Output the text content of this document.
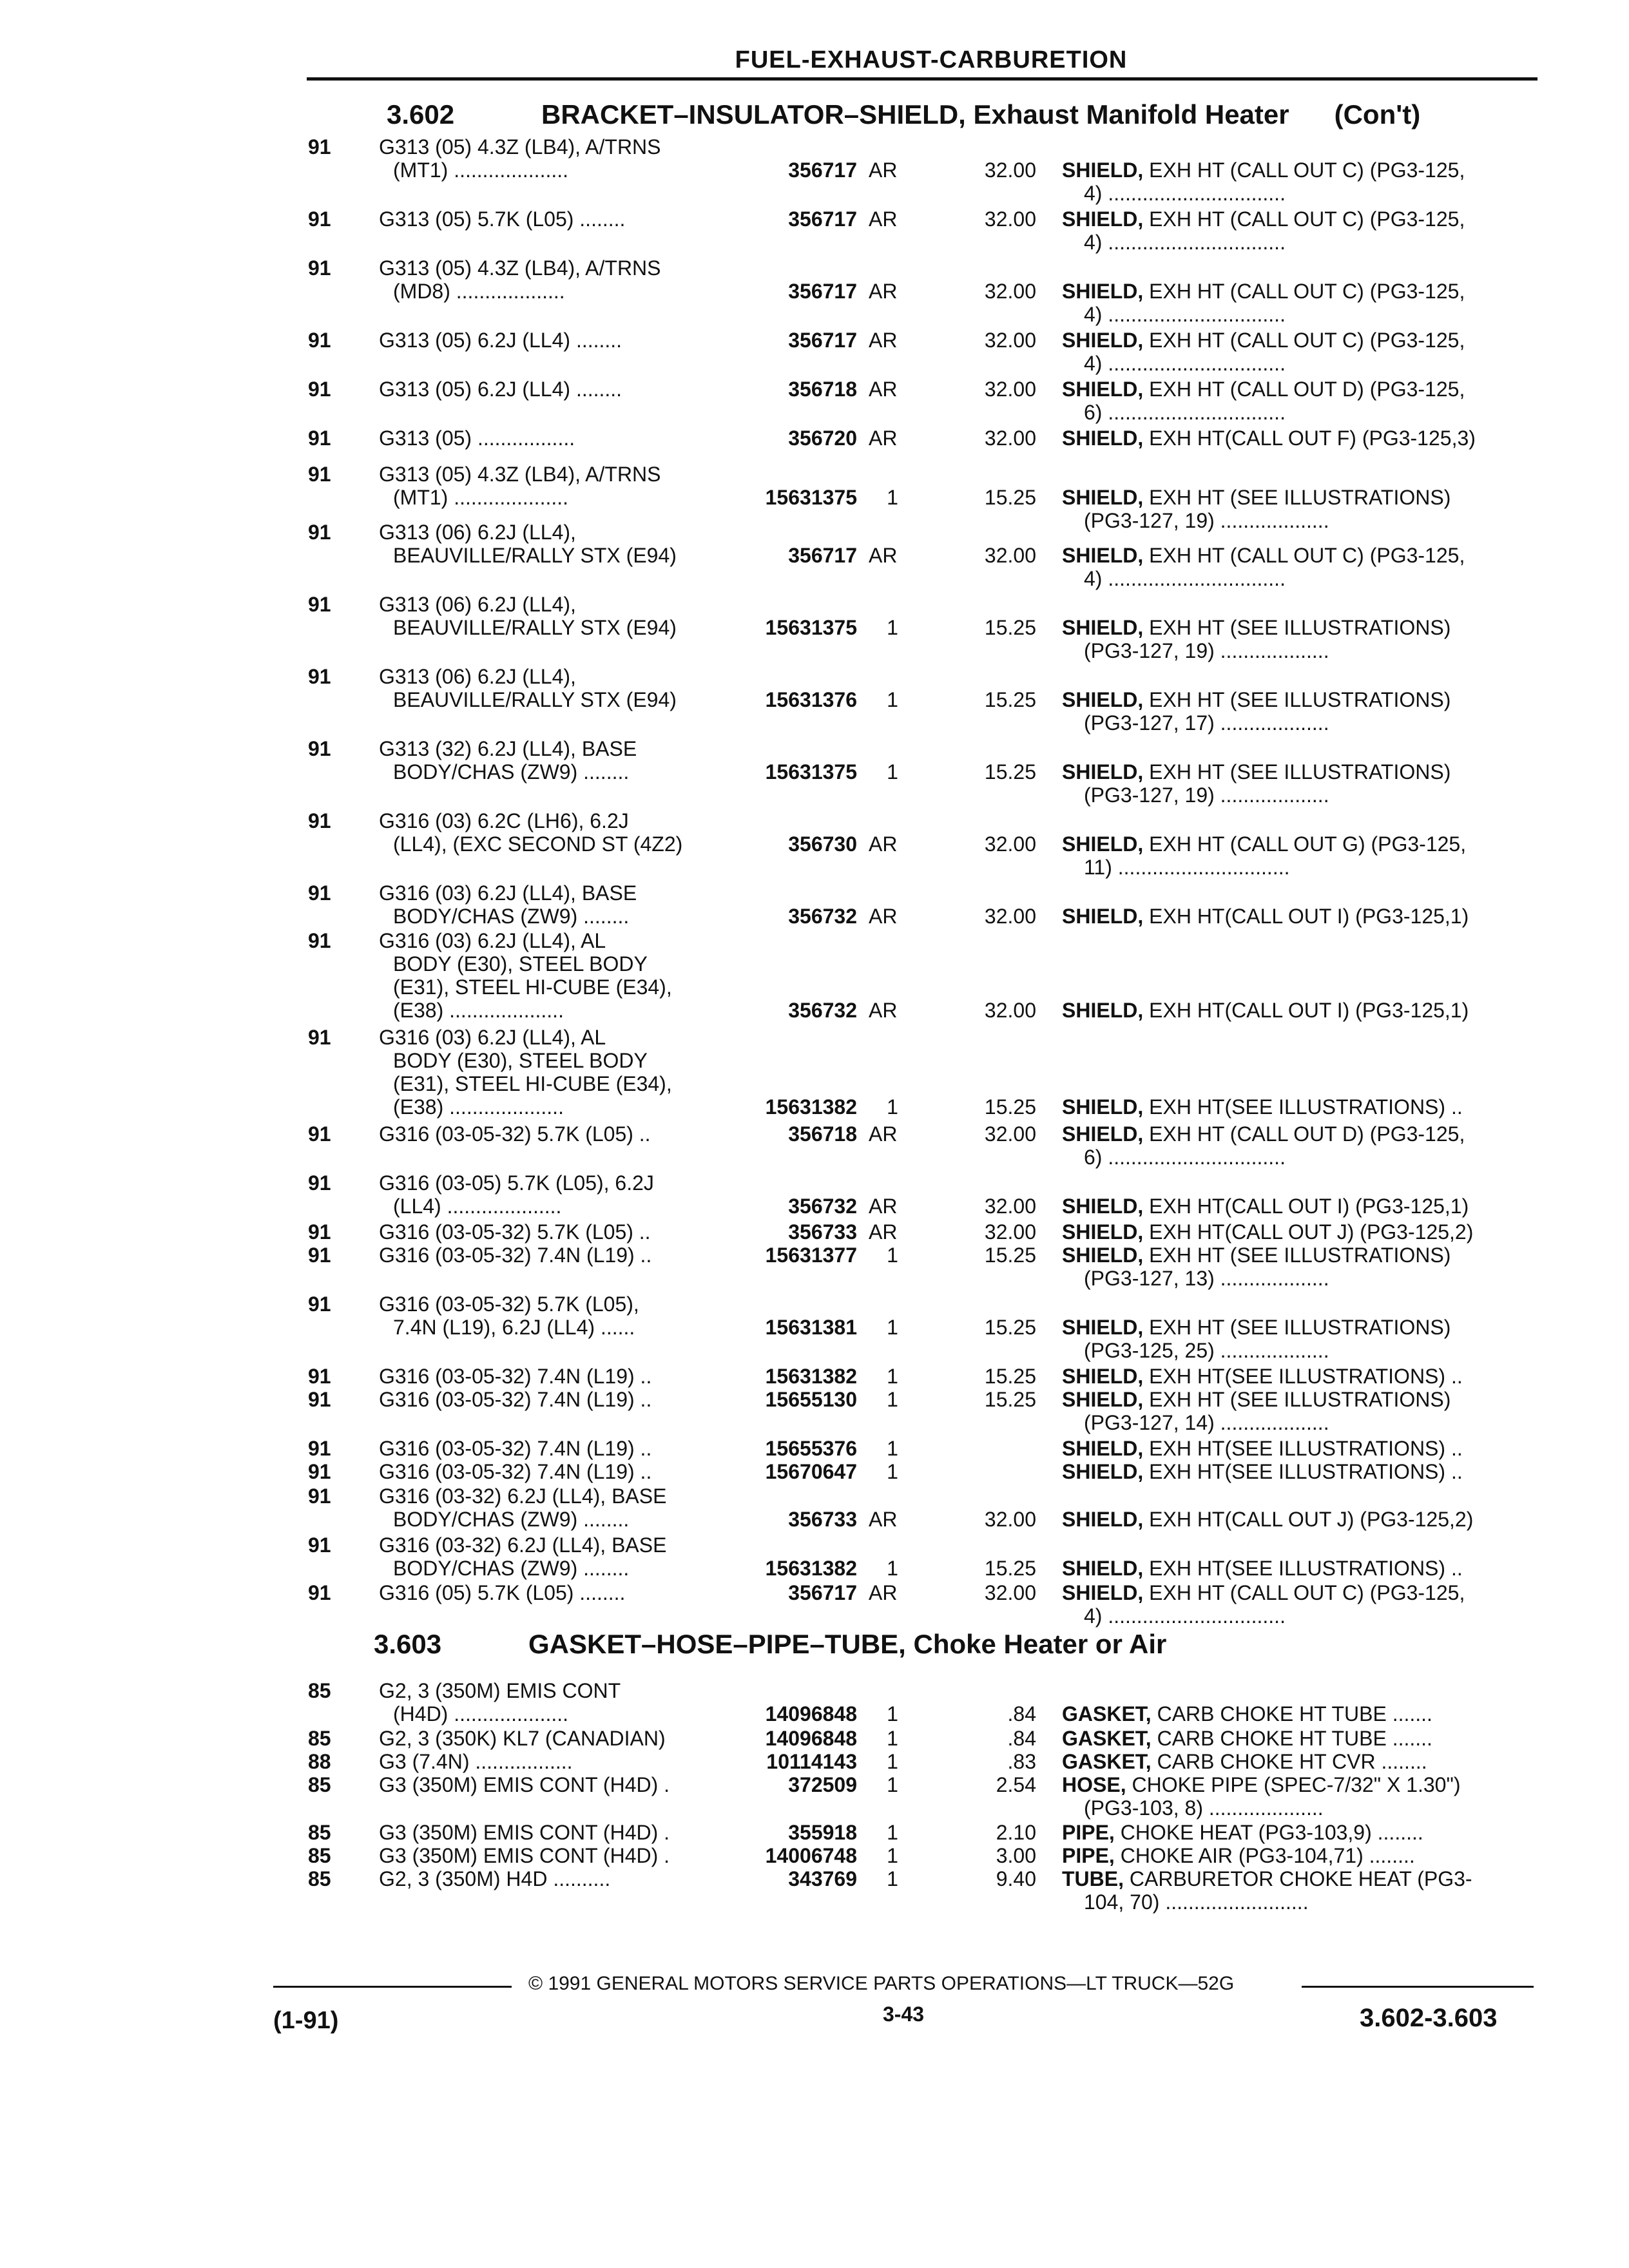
FUEL-EXHAUST-CARBURETION
3.602	BRACKET–INSULATOR–SHIELD, Exhaust Manifold Heater (Con't)
3.603	GASKET–HOSE–PIPE–TUBE, Choke Heater or Air
91 G313 (05) 4.3Z (LB4), A/TRNS
(MT1) ....................	356717 AR	32.00 SHIELD, EXH HT (CALL OUT C) (PG3-125,
4) ...............................
91 G313 (05) 5.7K (L05) ........	356717 AR	32.00 SHIELD, EXH HT (CALL OUT C) (PG3-125,
4) ...............................
91 G313 (05) 4.3Z (LB4), A/TRNS
(MD8) ...................	356717 AR	32.00 SHIELD, EXH HT (CALL OUT C) (PG3-125,
4) ...............................
91 G313 (05) 6.2J (LL4) ........	356717 AR	32.00 SHIELD, EXH HT (CALL OUT C) (PG3-125,
4) ...............................
91 G313 (05) 6.2J (LL4) ........	356718 AR	32.00 SHIELD, EXH HT (CALL OUT D) (PG3-125,
6) ...............................
91 G313 (05) .................	356720 AR	32.00 SHIELD, EXH HT(CALL OUT F) (PG3-125,3)
91 G313 (05) 4.3Z (LB4), A/TRNS
(MT1) ....................	15631375	1	15.25 SHIELD, EXH HT (SEE ILLUSTRATIONS)
(PG3-127, 19) ...................
91 G313 (06) 6.2J (LL4),
BEAUVILLE/RALLY STX (E94)	356717 AR	32.00 SHIELD, EXH HT (CALL OUT C) (PG3-125,
4) ...............................
91 G313 (06) 6.2J (LL4),
BEAUVILLE/RALLY STX (E94)	15631375	1	15.25 SHIELD, EXH HT (SEE ILLUSTRATIONS)
(PG3-127, 19) ...................
91 G313 (06) 6.2J (LL4),
BEAUVILLE/RALLY STX (E94)	15631376	1	15.25 SHIELD, EXH HT (SEE ILLUSTRATIONS)
(PG3-127, 17) ...................
91 G313 (32) 6.2J (LL4), BASE
BODY/CHAS (ZW9) ........	15631375	1	15.25 SHIELD, EXH HT (SEE ILLUSTRATIONS)
(PG3-127, 19) ...................
91 G316 (03) 6.2C (LH6), 6.2J
(LL4), (EXC SECOND ST (4Z2)	356730 AR	32.00 SHIELD, EXH HT (CALL OUT G) (PG3-125,
11) ..............................
91 G316 (03) 6.2J (LL4), BASE
BODY/CHAS (ZW9) ........	356732 AR	32.00 SHIELD, EXH HT(CALL OUT I) (PG3-125,1)
91 G316 (03) 6.2J (LL4), AL
BODY (E30), STEEL BODY
(E31), STEEL HI-CUBE (E34),
(E38) ....................	356732 AR	32.00 SHIELD, EXH HT(CALL OUT I) (PG3-125,1)
91 G316 (03) 6.2J (LL4), AL
BODY (E30), STEEL BODY
(E31), STEEL HI-CUBE (E34),
(E38) ....................	15631382	1	15.25 SHIELD, EXH HT(SEE ILLUSTRATIONS) ..
91 G316 (03-05-32) 5.7K (L05) ..	356718 AR	32.00 SHIELD, EXH HT (CALL OUT D) (PG3-125,
6) ...............................
91 G316 (03-05) 5.7K (L05), 6.2J
(LL4) ....................	356732 AR	32.00 SHIELD, EXH HT(CALL OUT I) (PG3-125,1)
91 G316 (03-05-32) 5.7K (L05) ..	356733 AR	32.00 SHIELD, EXH HT(CALL OUT J) (PG3-125,2)
91 G316 (03-05-32) 7.4N (L19) ..	15631377	1	15.25 SHIELD, EXH HT (SEE ILLUSTRATIONS)
(PG3-127, 13) ...................
91 G316 (03-05-32) 5.7K (L05),
7.4N (L19), 6.2J (LL4) ......	15631381	1	15.25 SHIELD, EXH HT (SEE ILLUSTRATIONS)
(PG3-125, 25) ...................
91 G316 (03-05-32) 7.4N (L19) ..	15631382	1	15.25 SHIELD, EXH HT(SEE ILLUSTRATIONS) ..
91 G316 (03-05-32) 7.4N (L19) ..	15655130	1	15.25 SHIELD, EXH HT (SEE ILLUSTRATIONS)
(PG3-127, 14) ...................
91 G316 (03-05-32) 7.4N (L19) ..	15655376	1	SHIELD, EXH HT(SEE ILLUSTRATIONS) ..
91 G316 (03-05-32) 7.4N (L19) ..	15670647	1	SHIELD, EXH HT(SEE ILLUSTRATIONS) ..
91 G316 (03-32) 6.2J (LL4), BASE
BODY/CHAS (ZW9) ........	356733 AR	32.00 SHIELD, EXH HT(CALL OUT J) (PG3-125,2)
91 G316 (03-32) 6.2J (LL4), BASE
BODY/CHAS (ZW9) ........	15631382	1	15.25 SHIELD, EXH HT(SEE ILLUSTRATIONS) ..
91 G316 (05) 5.7K (L05) ........	356717 AR	32.00 SHIELD, EXH HT (CALL OUT C) (PG3-125,
4) ...............................
85 G2, 3 (350M) EMIS CONT
(H4D) ....................	14096848	1	.84 GASKET, CARB CHOKE HT TUBE .......
85 G2, 3 (350K) KL7 (CANADIAN)	14096848	1	.84 GASKET, CARB CHOKE HT TUBE .......
88 G3 (7.4N) .................	10114143	1	.83 GASKET, CARB CHOKE HT CVR ........
85 G3 (350M) EMIS CONT (H4D) .	372509	1	2.54 HOSE, CHOKE PIPE (SPEC-7/32" X 1.30")
(PG3-103, 8) ....................
85 G3 (350M) EMIS CONT (H4D) .	355918	1	2.10 PIPE, CHOKE HEAT (PG3-103,9) ........
85 G3 (350M) EMIS CONT (H4D) .	14006748	1	3.00 PIPE, CHOKE AIR (PG3-104,71) ........
85 G2, 3 (350M) H4D ..........	343769	1	9.40 TUBE, CARBURETOR CHOKE HEAT (PG3-
104, 70) .........................
© 1991 GENERAL MOTORS SERVICE PARTS OPERATIONS—LT TRUCK—52G
(1-91)	3-43	3.602-3.603
